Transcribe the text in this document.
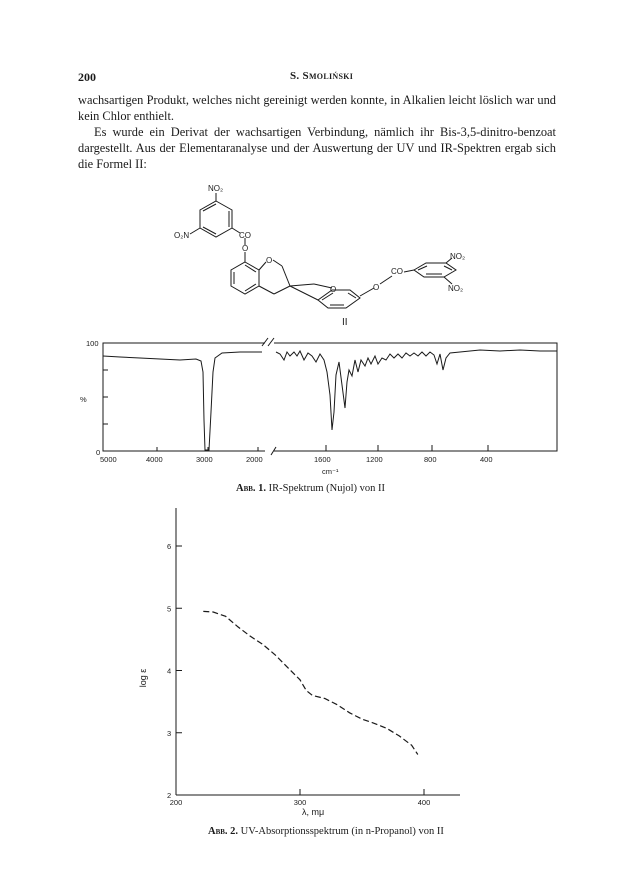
200	S. Smoliński
wachsartigen Produkt, welches nicht gereinigt werden konnte, in Alkalien leicht löslich war und kein Chlor enthielt.
Es wurde ein Derivat der wachsartigen Verbindung, nämlich ihr Bis-3,5-dinitro-benzoat dargestellt. Aus der Elementaranalyse und der Auswertung der UV und IR-Spektren ergab sich die Formel II:
NO₂
O₂N	CO
O
O
O	O
CO
NO₂
NO₂
II
100
%
0
5000	4000	3000	2000	1600	1200	800	400
cm⁻¹
Abb. 1. IR-Spektrum (Nujol) von II
2
3
4
5
6
200	300	400
log ε
λ, mμ
Abb. 2. UV-Absorptionsspektrum (in n-Propanol) von II
